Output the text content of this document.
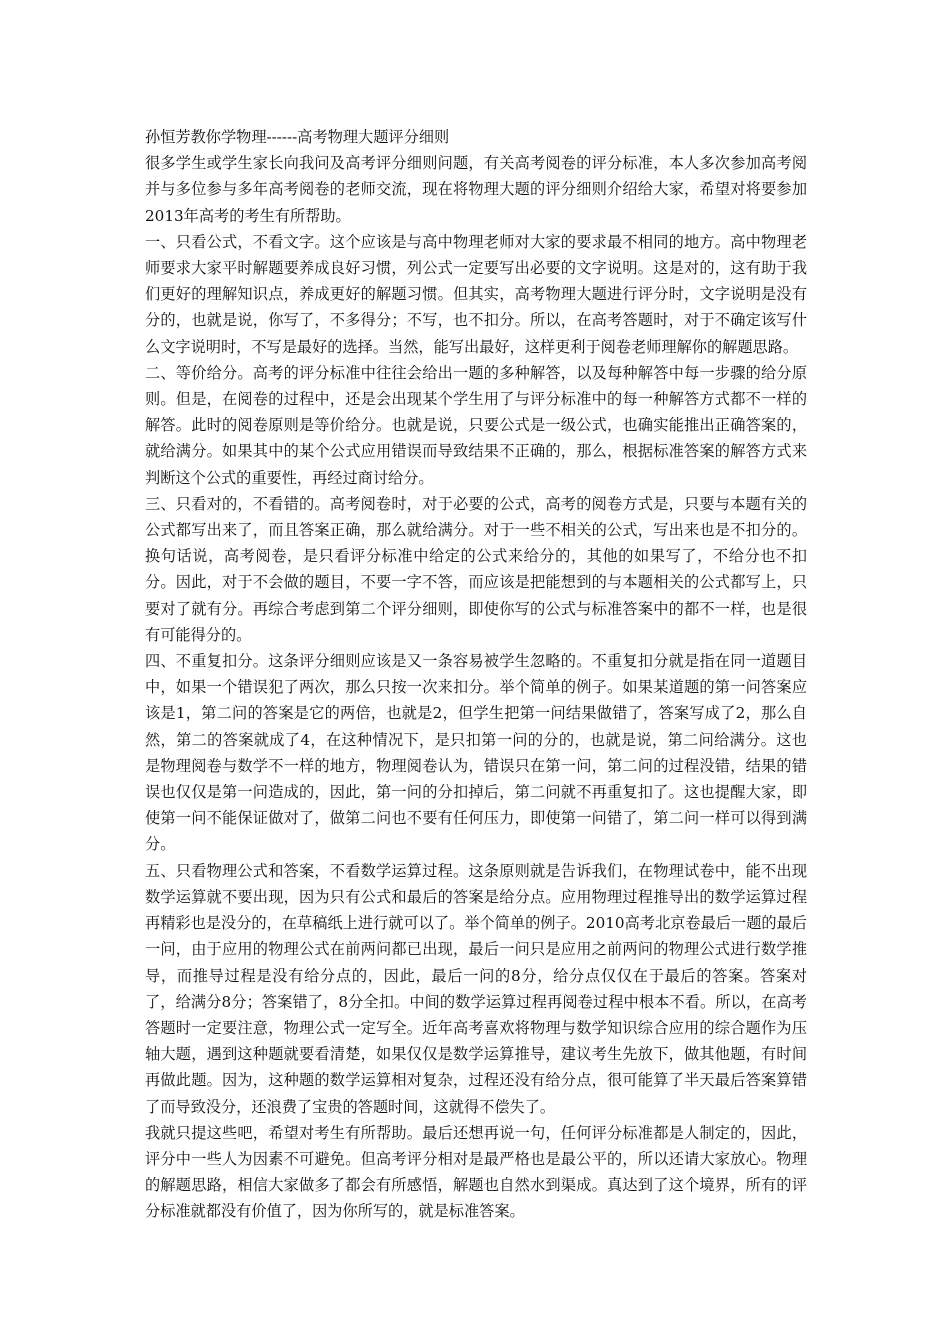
孙恒芳教你学物理------高考物理大题评分细则

很多学生或学生家长向我问及高考评分细则问题，有关高考阅卷的评分标准，本人多次参加高考阅并与多位参与多年高考阅卷的老师交流，现在将物理大题的评分细则介绍给大家，希望对将要参加2013年高考的考生有所帮助。

一、只看公式，不看文字。这个应该是与高中物理老师对大家的要求最不相同的地方。高中物理老师要求大家平时解题要养成良好习惯，列公式一定要写出必要的文字说明。这是对的，这有助于我们更好的理解知识点，养成更好的解题习惯。但其实，高考物理大题进行评分时，文字说明是没有分的，也就是说，你写了，不多得分；不写，也不扣分。所以，在高考答题时，对于不确定该写什么文字说明时，不写是最好的选择。当然，能写出最好，这样更利于阅卷老师理解你的解题思路。

二、等价给分。高考的评分标准中往往会给出一题的多种解答，以及每种解答中每一步骤的给分原则。但是，在阅卷的过程中，还是会出现某个学生用了与评分标准中的每一种解答方式都不一样的解答。此时的阅卷原则是等价给分。也就是说，只要公式是一级公式，也确实能推出正确答案的，就给满分。如果其中的某个公式应用错误而导致结果不正确的，那么，根据标准答案的解答方式来判断这个公式的重要性，再经过商讨给分。

三、只看对的，不看错的。高考阅卷时，对于必要的公式，高考的阅卷方式是，只要与本题有关的公式都写出来了，而且答案正确，那么就给满分。对于一些不相关的公式，写出来也是不扣分的。换句话说，高考阅卷，是只看评分标准中给定的公式来给分的，其他的如果写了，不给分也不扣分。因此，对于不会做的题目，不要一字不答，而应该是把能想到的与本题相关的公式都写上，只要对了就有分。再综合考虑到第二个评分细则，即使你写的公式与标准答案中的都不一样，也是很有可能得分的。

四、不重复扣分。这条评分细则应该是又一条容易被学生忽略的。不重复扣分就是指在同一道题目中，如果一个错误犯了两次，那么只按一次来扣分。举个简单的例子。如果某道题的第一问答案应该是1，第二问的答案是它的两倍，也就是2，但学生把第一问结果做错了，答案写成了2，那么自然，第二的答案就成了4，在这种情况下，是只扣第一问的分的，也就是说，第二问给满分。这也是物理阅卷与数学不一样的地方，物理阅卷认为，错误只在第一问，第二问的过程没错，结果的错误也仅仅是第一问造成的，因此，第一问的分扣掉后，第二问就不再重复扣了。这也提醒大家，即使第一问不能保证做对了，做第二问也不要有任何压力，即使第一问错了，第二问一样可以得到满分。

五、只看物理公式和答案，不看数学运算过程。这条原则就是告诉我们，在物理试卷中，能不出现数学运算就不要出现，因为只有公式和最后的答案是给分点。应用物理过程推导出的数学运算过程再精彩也是没分的，在草稿纸上进行就可以了。举个简单的例子。2010高考北京卷最后一题的最后一问，由于应用的物理公式在前两问都已出现，最后一问只是应用之前两问的物理公式进行数学推导，而推导过程是没有给分点的，因此，最后一问的8分，给分点仅仅在于最后的答案。答案对了，给满分8分；答案错了，8分全扣。中间的数学运算过程再阅卷过程中根本不看。所以，在高考答题时一定要注意，物理公式一定写全。近年高考喜欢将物理与数学知识综合应用的综合题作为压轴大题，遇到这种题就要看清楚，如果仅仅是数学运算推导，建议考生先放下，做其他题，有时间再做此题。因为，这种题的数学运算相对复杂，过程还没有给分点，很可能算了半天最后答案算错了而导致没分，还浪费了宝贵的答题时间，这就得不偿失了。

我就只提这些吧，希望对考生有所帮助。最后还想再说一句，任何评分标准都是人制定的，因此，评分中一些人为因素不可避免。但高考评分相对是最严格也是最公平的，所以还请大家放心。物理的解题思路，相信大家做多了都会有所感悟，解题也自然水到渠成。真达到了这个境界，所有的评分标准就都没有价值了，因为你所写的，就是标准答案。
